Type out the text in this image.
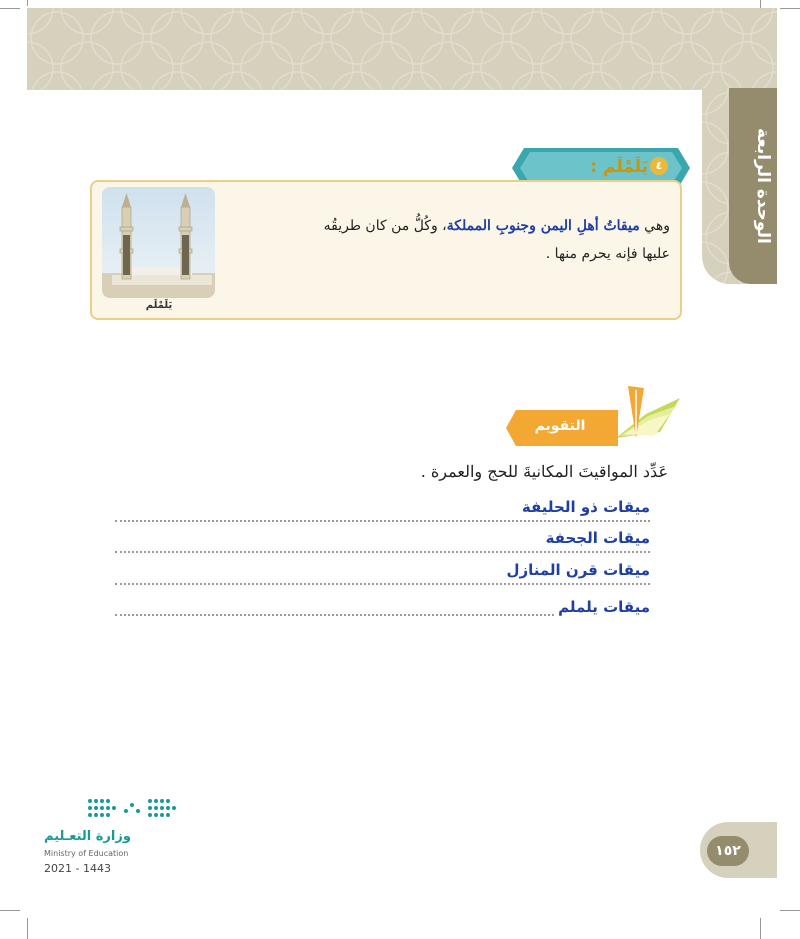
الوحدة الرابعة
٤
يَلَمْلَم :
وهي ميقاتُ أهلِ اليمن وجنوبِ المملكة، وكُلُّ من كان طريقُه عليها فإنه يحرم منها .
يَلَمْلَم
التقويم
عَدِّد المواقيتَ المكانيةَ للحج والعمرة .
ميقات ذو الحليفة
ميقات الجحفة
ميقات قرن المنازل
ميقات يلملم
وزارة التعـليم
Ministry of Education
2021 - 1443
١٥٢
